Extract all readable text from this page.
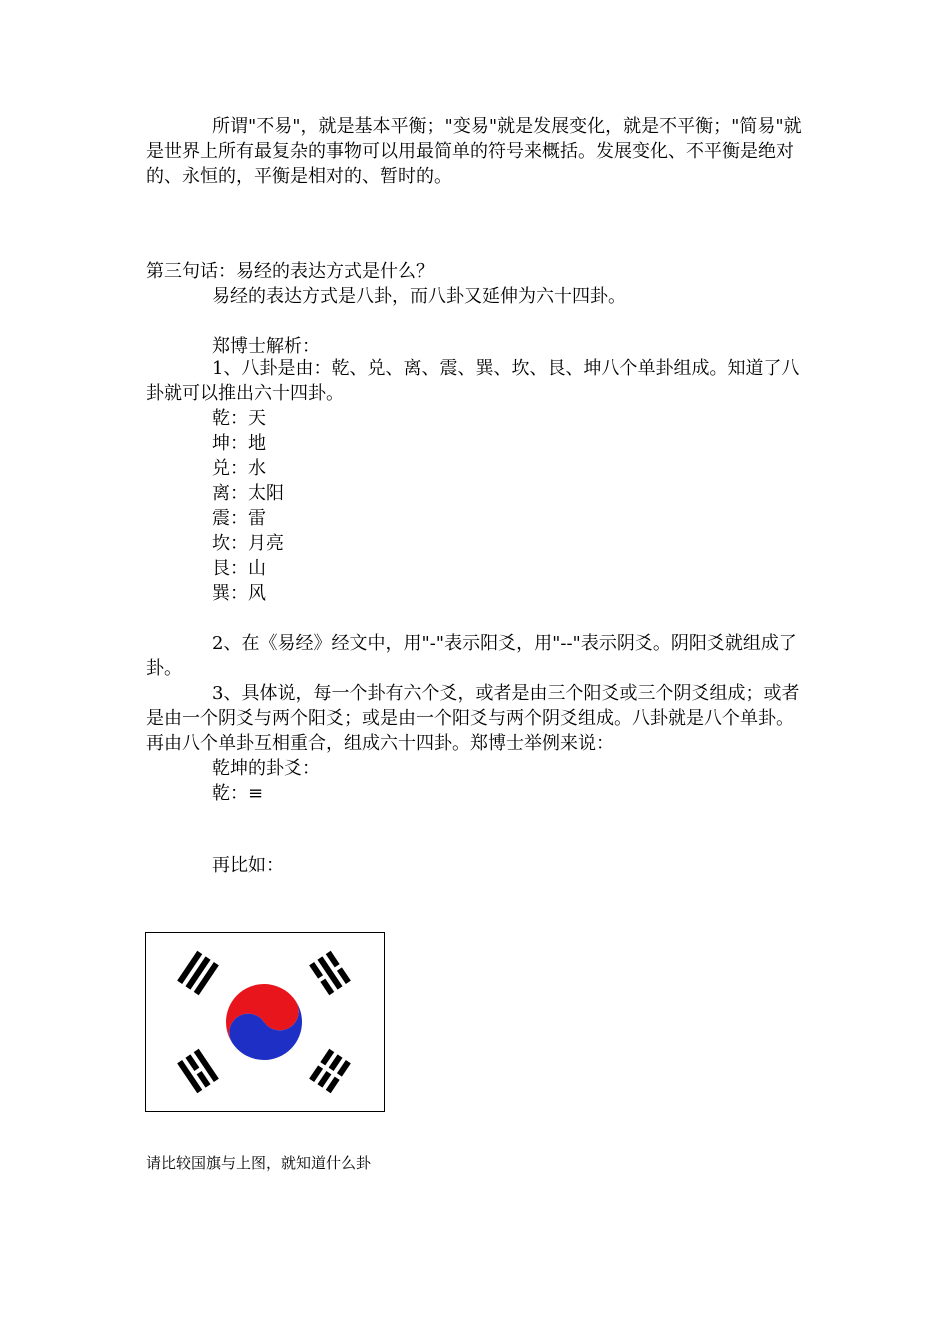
所谓"不易"，就是基本平衡；"变易"就是发展变化，就是不平衡；"简易"就是世界上所有最复杂的事物可以用最简单的符号来概括。发展变化、不平衡是绝对的、永恒的，平衡是相对的、暂时的。

第三句话：易经的表达方式是什么？

易经的表达方式是八卦，而八卦又延伸为六十四卦。

郑博士解析：

1、八卦是由：乾、兑、离、震、巽、坎、艮、坤八个单卦组成。知道了八卦就可以推出六十四卦。

乾：天

坤：地

兑：水

离：太阳

震：雷

坎：月亮

艮：山

巽：风

2、在《易经》经文中，用"-"表示阳爻，用"--"表示阴爻。阴阳爻就组成了卦。

3、具体说，每一个卦有六个爻，或者是由三个阳爻或三个阴爻组成；或者是由一个阴爻与两个阳爻；或是由一个阳爻与两个阴爻组成。八卦就是八个单卦。再由八个单卦互相重合，组成六十四卦。郑博士举例来说：

乾坤的卦爻：

乾：≡

再比如：

请比较国旗与上图，就知道什么卦
